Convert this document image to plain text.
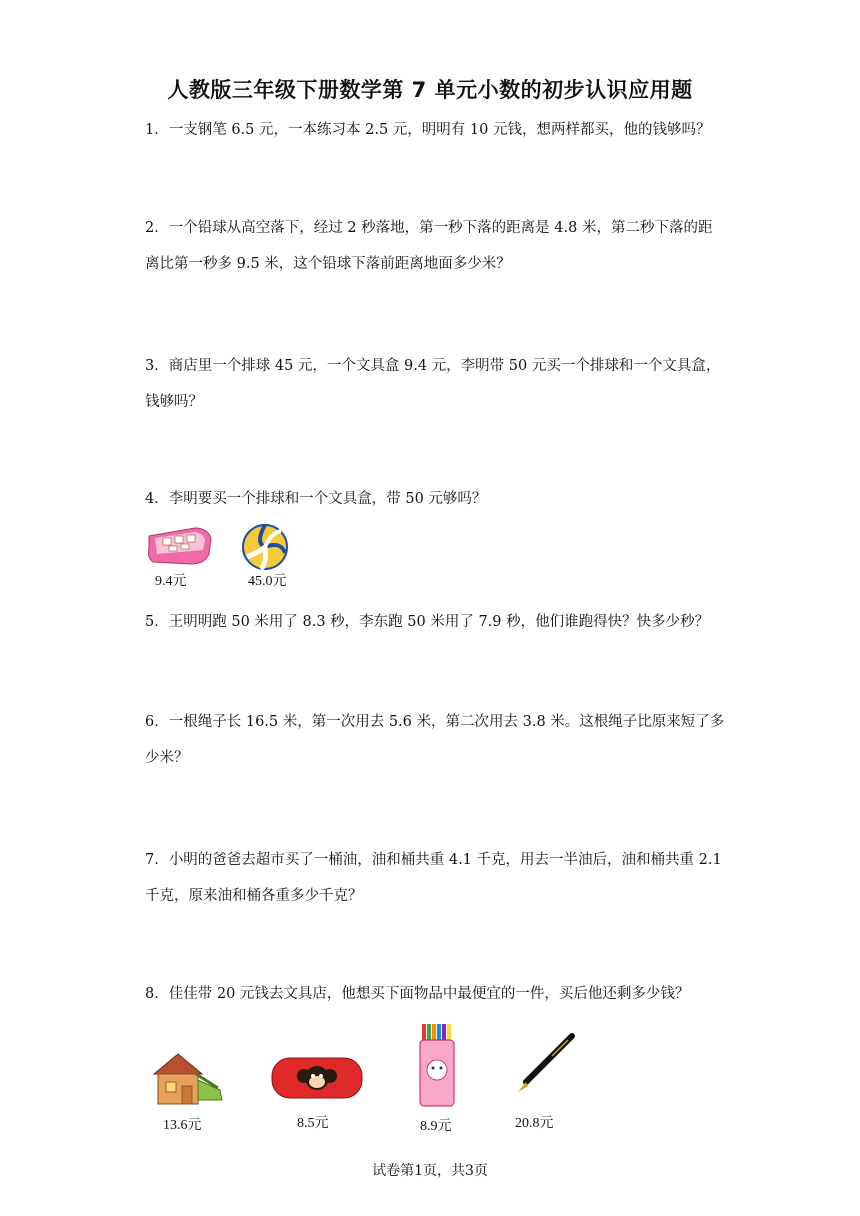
人教版三年级下册数学第 7 单元小数的初步认识应用题
1．一支钢笔 6.5 元，一本练习本 2.5 元，明明有 10 元钱，想两样都买，他的钱够吗？
2．一个铅球从高空落下，经过 2 秒落地，第一秒下落的距离是 4.8 米，第二秒下落的距离比第一秒多 9.5 米，这个铅球下落前距离地面多少米？
3．商店里一个排球 45 元，一个文具盒 9.4 元，李明带 50 元买一个排球和一个文具盒，钱够吗？
4．李明要买一个排球和一个文具盒，带 50 元够吗？
9.4元	45.0元
5．王明明跑 50 米用了 8.3 秒，李东跑 50 米用了 7.9 秒，他们谁跑得快？快多少秒？
6．一根绳子长 16.5 米，第一次用去 5.6 米，第二次用去 3.8 米。这根绳子比原来短了多少米？
7．小明的爸爸去超市买了一桶油，油和桶共重 4.1 千克，用去一半油后，油和桶共重 2.1 千克，原来油和桶各重多少千克？
8．佳佳带 20 元钱去文具店，他想买下面物品中最便宜的一件，买后他还剩多少钱？
13.6元	8.5元	8.9元	20.8元
试卷第1页，共3页
